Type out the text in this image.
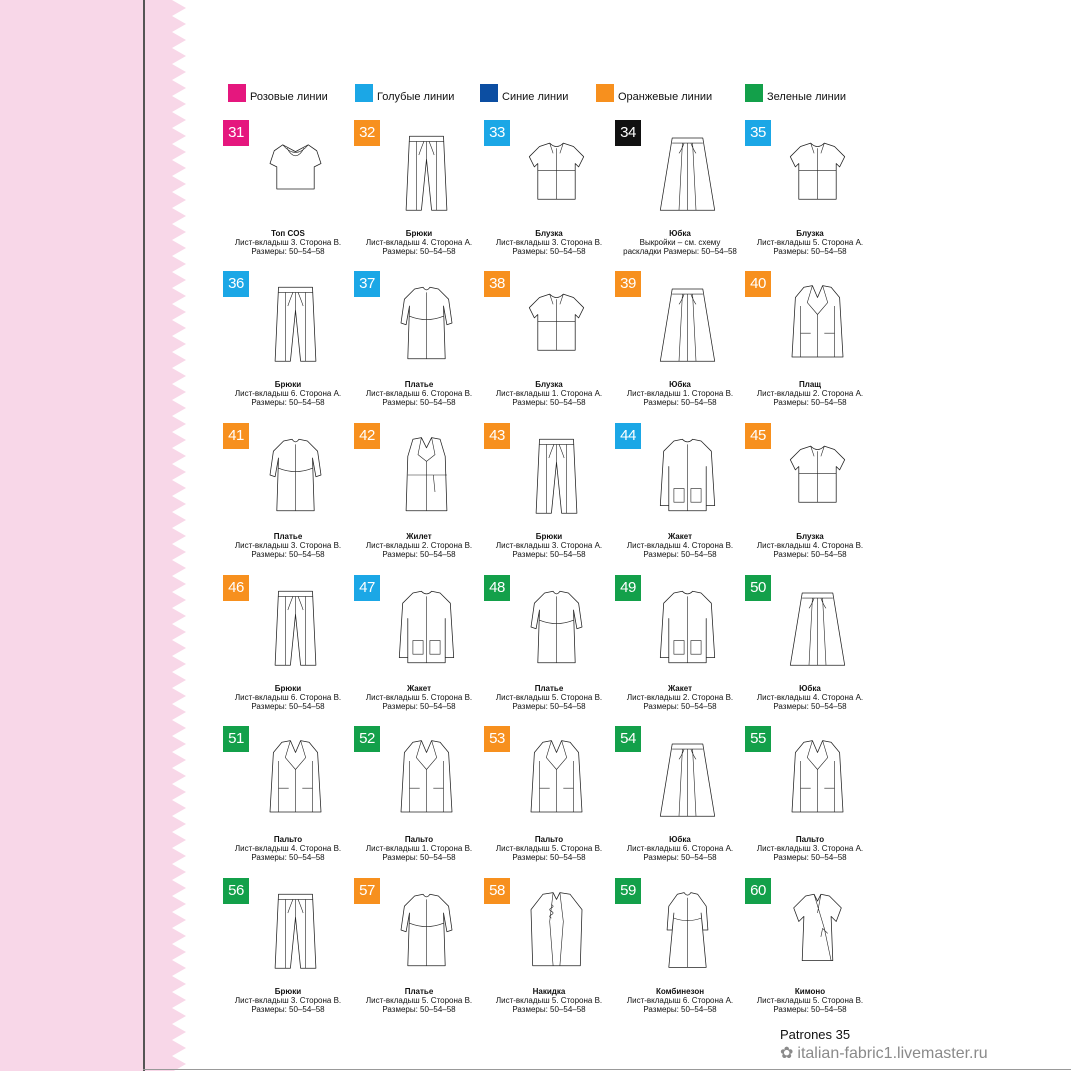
Розовые линии	Голубые линии	Синие линии	Оранжевые линии	Зеленые линии
31
Топ COS
Лист-вкладыш 3. Сторона В.
Размеры: 50–54–58
32
Брюки
Лист-вкладыш 4. Сторона А.
Размеры: 50–54–58
33
Блузка
Лист-вкладыш 3. Сторона В.
Размеры: 50–54–58
34
Юбка
Выкройки – см. схему
раскладки Размеры: 50–54–58
35
Блузка
Лист-вкладыш 5. Сторона А.
Размеры: 50–54–58
36
Брюки
Лист-вкладыш 6. Сторона А.
Размеры: 50–54–58
37
Платье
Лист-вкладыш 6. Сторона В.
Размеры: 50–54–58
38
Блузка
Лист-вкладыш 1. Сторона А.
Размеры: 50–54–58
39
Юбка
Лист-вкладыш 1. Сторона В.
Размеры: 50–54–58
40
Плащ
Лист-вкладыш 2. Сторона А.
Размеры: 50–54–58
41
Платье
Лист-вкладыш 3. Сторона В.
Размеры: 50–54–58
42
Жилет
Лист-вкладыш 2. Сторона В.
Размеры: 50–54–58
43
Брюки
Лист-вкладыш 3. Сторона А.
Размеры: 50–54–58
44
Жакет
Лист-вкладыш 4. Сторона В.
Размеры: 50–54–58
45
Блузка
Лист-вкладыш 4. Сторона В.
Размеры: 50–54–58
46
Брюки
Лист-вкладыш 6. Сторона В.
Размеры: 50–54–58
47
Жакет
Лист-вкладыш 5. Сторона В.
Размеры: 50–54–58
48
Платье
Лист-вкладыш 5. Сторона В.
Размеры: 50–54–58
49
Жакет
Лист-вкладыш 2. Сторона В.
Размеры: 50–54–58
50
Юбка
Лист-вкладыш 4. Сторона А.
Размеры: 50–54–58
51
Пальто
Лист-вкладыш 4. Сторона В.
Размеры: 50–54–58
52
Пальто
Лист-вкладыш 1. Сторона В.
Размеры: 50–54–58
53
Пальто
Лист-вкладыш 5. Сторона В.
Размеры: 50–54–58
54
Юбка
Лист-вкладыш 6. Сторона А.
Размеры: 50–54–58
55
Пальто
Лист-вкладыш 3. Сторона А.
Размеры: 50–54–58
56
Брюки
Лист-вкладыш 3. Сторона В.
Размеры: 50–54–58
57
Платье
Лист-вкладыш 5. Сторона В.
Размеры: 50–54–58
58
Накидка
Лист-вкладыш 5. Сторона В.
Размеры: 50–54–58
59
Комбинезон
Лист-вкладыш 6. Сторона А.
Размеры: 50–54–58
60
Кимоно
Лист-вкладыш 5. Сторона В.
Размеры: 50–54–58
Patrones 35
✿ italian-fabric1.livemaster.ru
